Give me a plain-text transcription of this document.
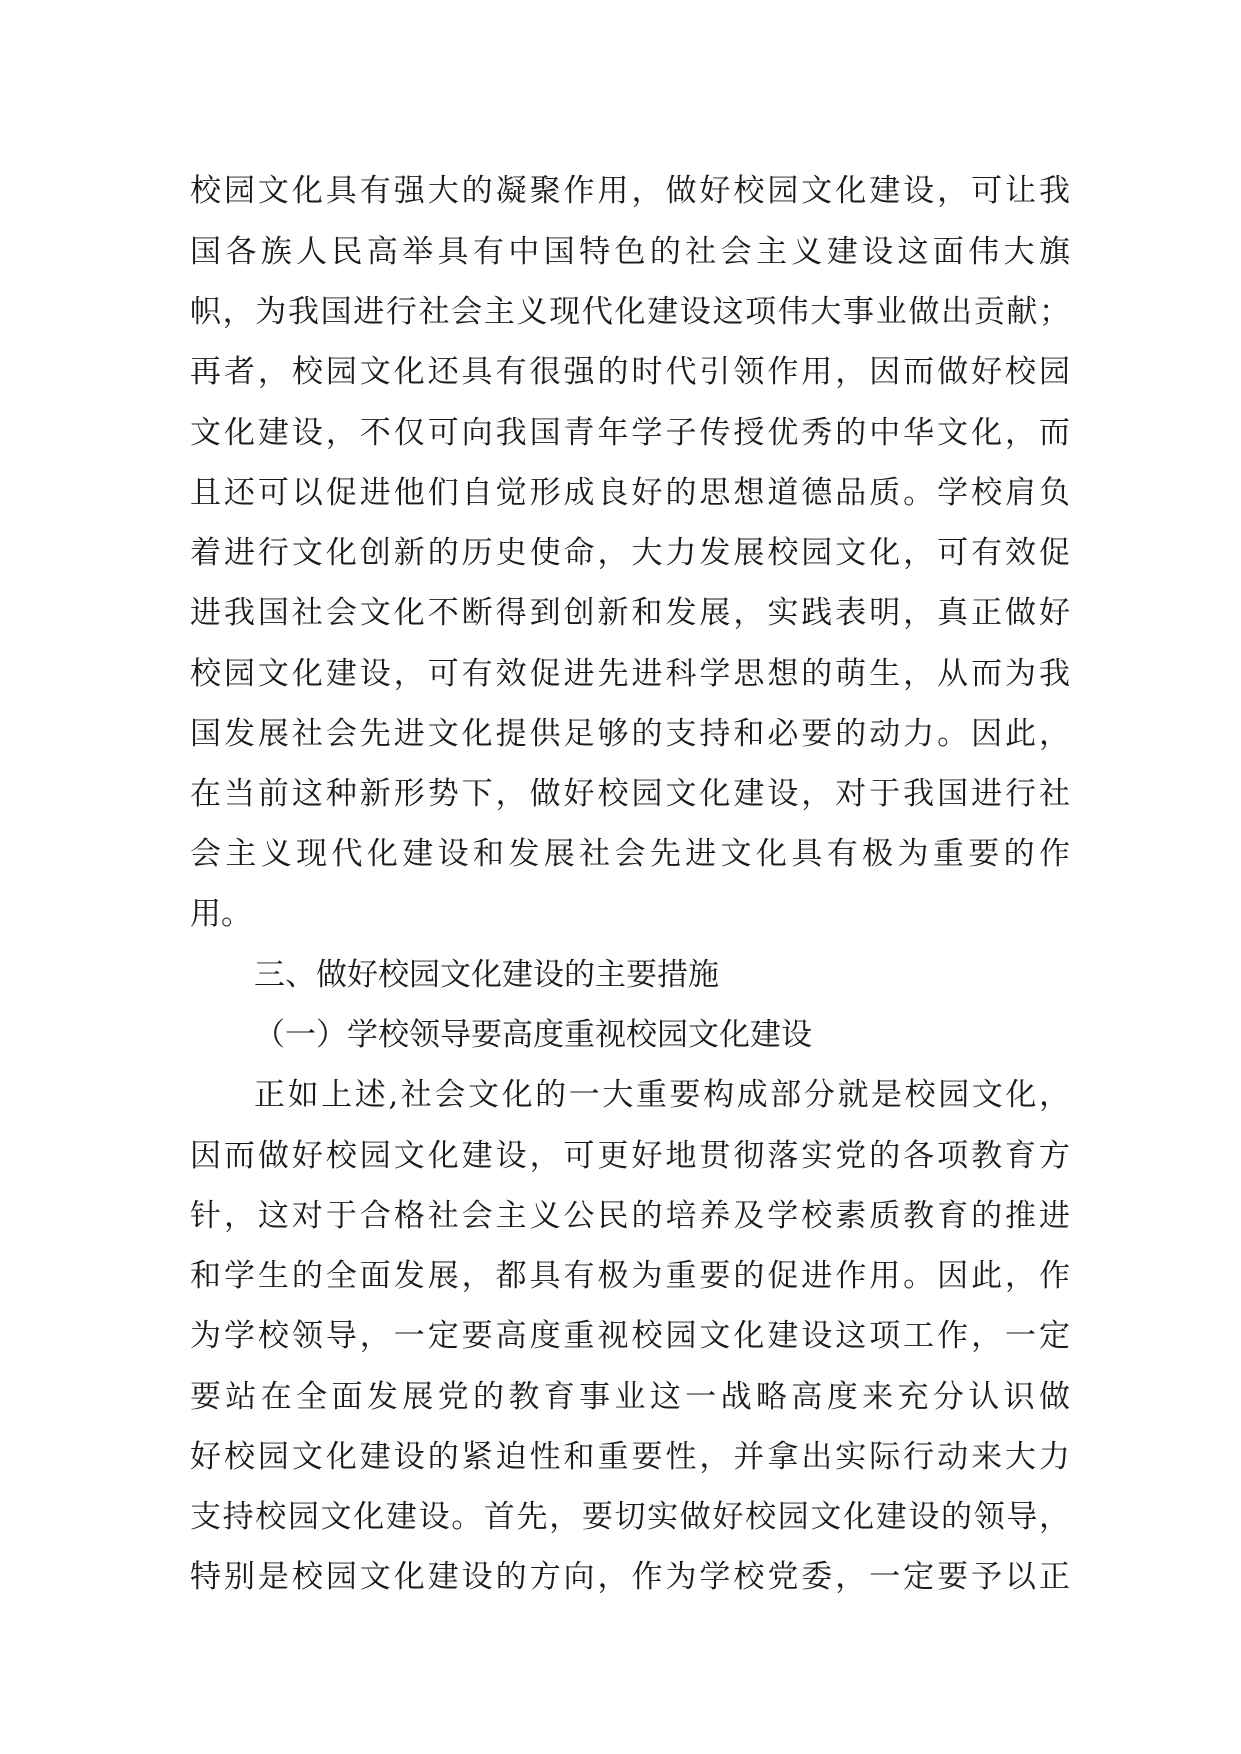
校园文化具有强大的凝聚作用，做好校园文化建设，可让我
国各族人民高举具有中国特色的社会主义建设这面伟大旗
帜，为我国进行社会主义现代化建设这项伟大事业做出贡献；
再者，校园文化还具有很强的时代引领作用，因而做好校园
文化建设，不仅可向我国青年学子传授优秀的中华文化，而
且还可以促进他们自觉形成良好的思想道德品质。学校肩负
着进行文化创新的历史使命，大力发展校园文化，可有效促
进我国社会文化不断得到创新和发展，实践表明，真正做好
校园文化建设，可有效促进先进科学思想的萌生，从而为我
国发展社会先进文化提供足够的支持和必要的动力。因此，
在当前这种新形势下，做好校园文化建设，对于我国进行社
会主义现代化建设和发展社会先进文化具有极为重要的作
用。
三、做好校园文化建设的主要措施
（一）学校领导要高度重视校园文化建设
正如上述,社会文化的一大重要构成部分就是校园文化，
因而做好校园文化建设，可更好地贯彻落实党的各项教育方
针，这对于合格社会主义公民的培养及学校素质教育的推进
和学生的全面发展，都具有极为重要的促进作用。因此，作
为学校领导，一定要高度重视校园文化建设这项工作，一定
要站在全面发展党的教育事业这一战略高度来充分认识做
好校园文化建设的紧迫性和重要性，并拿出实际行动来大力
支持校园文化建设。首先，要切实做好校园文化建设的领导，
特别是校园文化建设的方向，作为学校党委，一定要予以正
